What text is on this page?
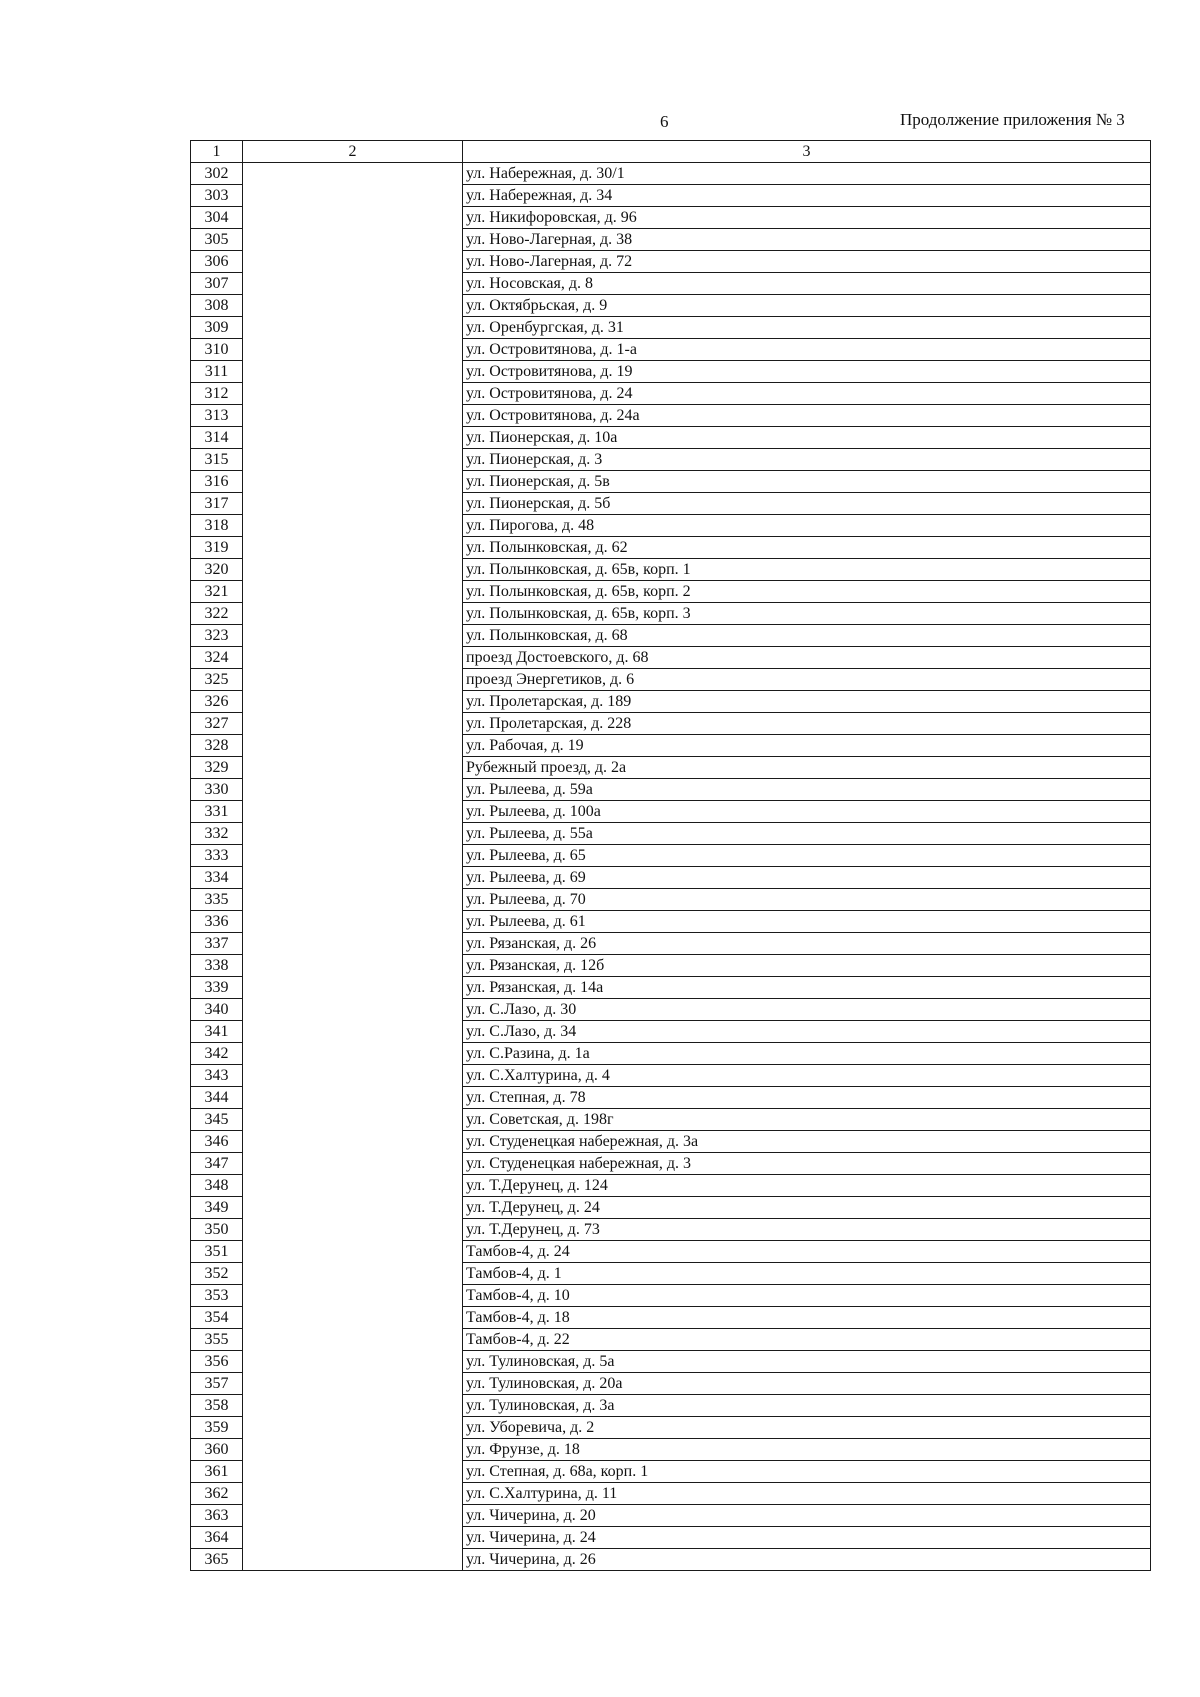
6	Продолжение приложения № 3
1	2	3
302		ул. Набережная, д. 30/1
303		ул. Набережная, д. 34
304		ул. Никифоровская, д. 96
305		ул. Ново-Лагерная, д. 38
306		ул. Ново-Лагерная, д. 72
307		ул. Носовская, д. 8
308		ул. Октябрьская, д. 9
309		ул. Оренбургская, д. 31
310		ул. Островитянова, д. 1-а
311		ул. Островитянова, д. 19
312		ул. Островитянова, д. 24
313		ул. Островитянова, д. 24а
314		ул. Пионерская, д. 10а
315		ул. Пионерская, д. 3
316		ул. Пионерская, д. 5в
317		ул. Пионерская, д. 5б
318		ул. Пирогова, д. 48
319		ул. Полынковская, д. 62
320		ул. Полынковская, д. 65в, корп. 1
321		ул. Полынковская, д. 65в, корп. 2
322		ул. Полынковская, д. 65в, корп. 3
323		ул. Полынковская, д. 68
324		проезд Достоевского, д. 68
325		проезд Энергетиков, д. 6
326		ул. Пролетарская, д. 189
327		ул. Пролетарская, д. 228
328		ул. Рабочая, д. 19
329		Рубежный проезд, д. 2а
330		ул. Рылеева, д. 59а
331		ул. Рылеева, д. 100а
332		ул. Рылеева, д. 55а
333		ул. Рылеева, д. 65
334		ул. Рылеева, д. 69
335		ул. Рылеева, д. 70
336		ул. Рылеева, д. 61
337		ул. Рязанская, д. 26
338		ул. Рязанская, д. 12б
339		ул. Рязанская, д. 14а
340		ул. С.Лазо, д. 30
341		ул. С.Лазо, д. 34
342		ул. С.Разина, д. 1а
343		ул. С.Халтурина, д. 4
344		ул. Степная, д. 78
345		ул. Советская, д. 198г
346		ул. Студенецкая набережная, д. 3а
347		ул. Студенецкая набережная, д. 3
348		ул. Т.Дерунец, д. 124
349		ул. Т.Дерунец, д. 24
350		ул. Т.Дерунец, д. 73
351		Тамбов-4, д. 24
352		Тамбов-4, д. 1
353		Тамбов-4, д. 10
354		Тамбов-4, д. 18
355		Тамбов-4, д. 22
356		ул. Тулиновская, д. 5а
357		ул. Тулиновская, д. 20а
358		ул. Тулиновская, д. 3а
359		ул. Уборевича, д. 2
360		ул. Фрунзе, д. 18
361		ул. Степная, д. 68а, корп. 1
362		ул. С.Халтурина, д. 11
363		ул. Чичерина, д. 20
364		ул. Чичерина, д. 24
365		ул. Чичерина, д. 26
